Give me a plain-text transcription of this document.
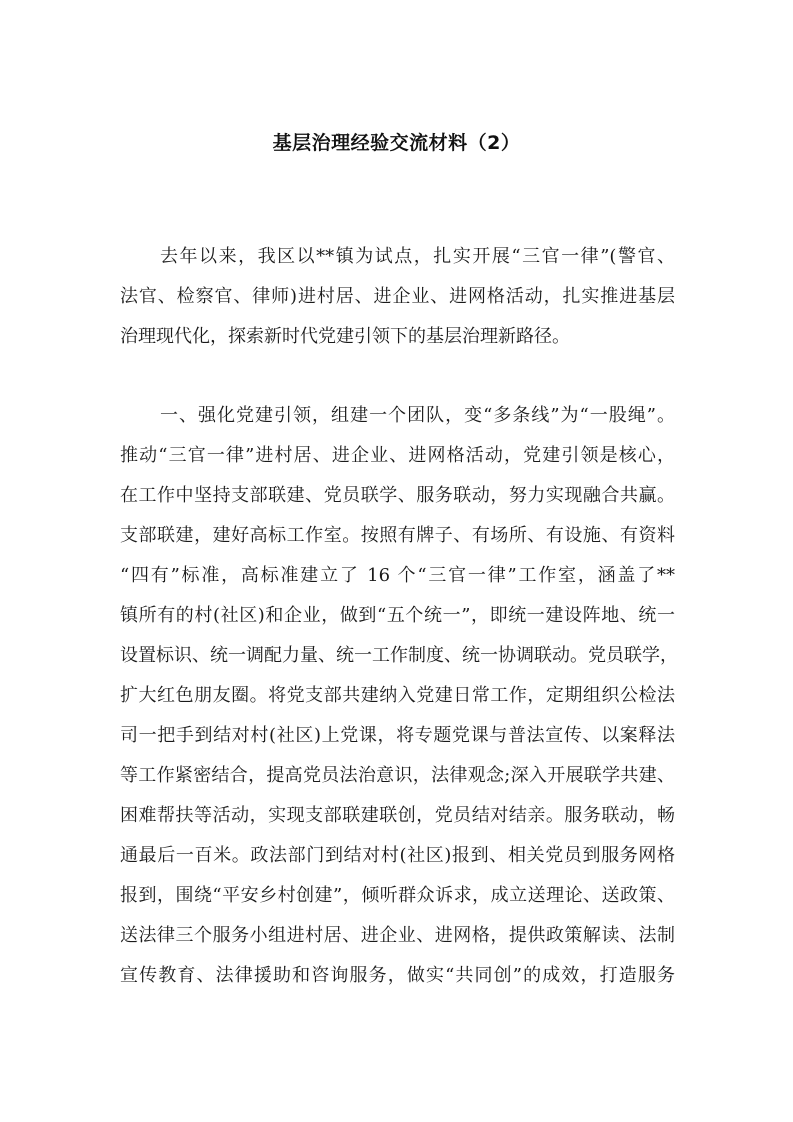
基层治理经验交流材料（2）
去年以来，我区以**镇为试点，扎实开展“三官一律”(警官、
法官、检察官、律师)进村居、进企业、进网格活动，扎实推进基层
治理现代化，探索新时代党建引领下的基层治理新路径。
一、强化党建引领，组建一个团队，变“多条线”为“一股绳”。
推动“三官一律”进村居、进企业、进网格活动，党建引领是核心，
在工作中坚持支部联建、党员联学、服务联动，努力实现融合共赢。
支部联建，建好高标工作室。按照有牌子、有场所、有设施、有资料
“四有”标准，高标准建立了 16 个“三官一律”工作室，涵盖了**
镇所有的村(社区)和企业，做到“五个统一”，即统一建设阵地、统一
设置标识、统一调配力量、统一工作制度、统一协调联动。党员联学，
扩大红色朋友圈。将党支部共建纳入党建日常工作，定期组织公检法
司一把手到结对村(社区)上党课，将专题党课与普法宣传、以案释法
等工作紧密结合，提高党员法治意识，法律观念;深入开展联学共建、
困难帮扶等活动，实现支部联建联创，党员结对结亲。服务联动，畅
通最后一百米。政法部门到结对村(社区)报到、相关党员到服务网格
报到，围绕“平安乡村创建”，倾听群众诉求，成立送理论、送政策、
送法律三个服务小组进村居、进企业、进网格，提供政策解读、法制
宣传教育、法律援助和咨询服务，做实“共同创”的成效，打造服务
